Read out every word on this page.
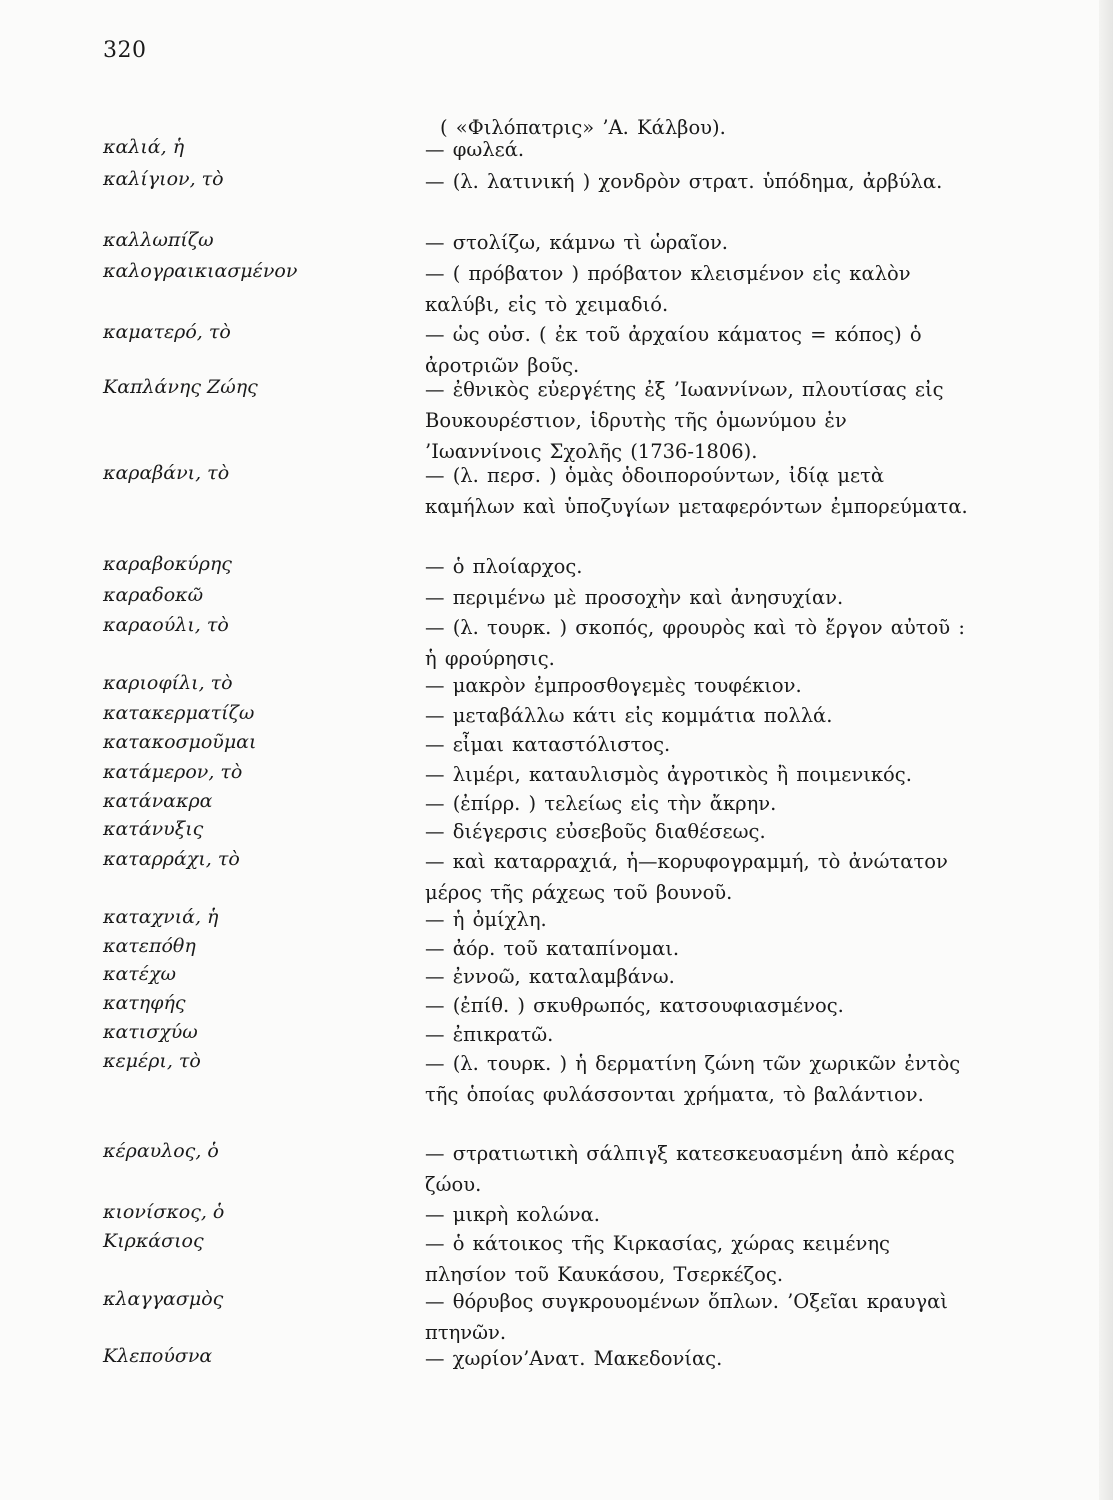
320
( «Φιλόπατρις» ’Α. Κάλβου).
καλιά, ἡ	— φωλεά.
καλίγιον, τὸ	— (λ. λατινική ) χονδρὸν στρατ. ὑπόδημα, ἀρβύλα.
καλλωπίζω	— στολίζω, κάμνω τὶ ὡραῖον.
καλογραικιασμένον	— ( πρόβατον ) πρόβατον κλεισμένον εἰς καλὸν καλύβι, εἰς τὸ χειμαδιό.
καματερό, τὸ	— ὡς οὐσ. ( ἐκ τοῦ ἀρχαίου κάματος = κόπος) ὁ ἀροτριῶν βοῦς.
Καπλάνης Ζώης	— ἐθνικὸς εὐεργέτης ἐξ ’Ιωαννίνων, πλουτίσας εἰς Βουκουρέστιον, ἱδρυτὴς τῆς ὁμωνύμου ἐν ’Ιωαννίνοις Σχολῆς (1736-1806).
καραβάνι, τὸ	— (λ. περσ. ) ὁμὰς ὁδοιπορούντων, ἰδίᾳ μετὰ καμήλων καὶ ὑποζυγίων μεταφερόντων ἐμπορεύματα.
καραβοκύρης	— ὁ πλοίαρχος.
καραδοκῶ	— περιμένω μὲ προσοχὴν καὶ ἀνησυχίαν.
καραούλι, τὸ	— (λ. τουρκ. ) σκοπός, φρουρὸς καὶ τὸ ἔργον αὐτοῦ : ἡ φρούρησις.
καριοφίλι, τὸ	— μακρὸν ἐμπροσθογεμὲς τουφέκιον.
κατακερματίζω	— μεταβάλλω κάτι εἰς κομμάτια πολλά.
κατακοσμοῦμαι	— εἶμαι καταστόλιστος.
κατάμερον, τὸ	— λιμέρι, καταυλισμὸς ἀγροτικὸς ἢ ποιμενικός.
κατάνακρα	— (ἐπίρρ. ) τελείως εἰς τὴν ἄκρην.
κατάνυξις	— διέγερσις εὐσεβοῦς διαθέσεως.
καταρράχι, τὸ	— καὶ καταρραχιά, ἡ—κορυφογραμμή, τὸ ἀνώτατον μέρος τῆς ράχεως τοῦ βουνοῦ.
καταχνιά, ἡ	— ἡ ὀμίχλη.
κατεπόθη	— ἀόρ. τοῦ καταπίνομαι.
κατέχω	— ἐννοῶ, καταλαμβάνω.
κατηφής	— (ἐπίθ. ) σκυθρωπός, κατσουφιασμένος.
κατισχύω	— ἐπικρατῶ.
κεμέρι, τὸ	— (λ. τουρκ. ) ἡ δερματίνη ζώνη τῶν χωρικῶν ἐντὸς τῆς ὁποίας φυλάσσονται χρήματα, τὸ βαλάντιον.
κέραυλος, ὁ	— στρατιωτικὴ σάλπιγξ κατεσκευασμένη ἀπὸ κέρας ζώου.
κιονίσκος, ὁ	— μικρὴ κολώνα.
Κιρκάσιος	— ὁ κάτοικος τῆς Κιρκασίας, χώρας κειμένης πλησίον τοῦ Καυκάσου, Τσερκέζος.
κλαγγασμὸς	— θόρυβος συγκρουομένων ὅπλων. ’Οξεῖαι κραυγαὶ πτηνῶν.
Κλεπούσνα	— χωρίον’Ανατ. Μακεδονίας.
